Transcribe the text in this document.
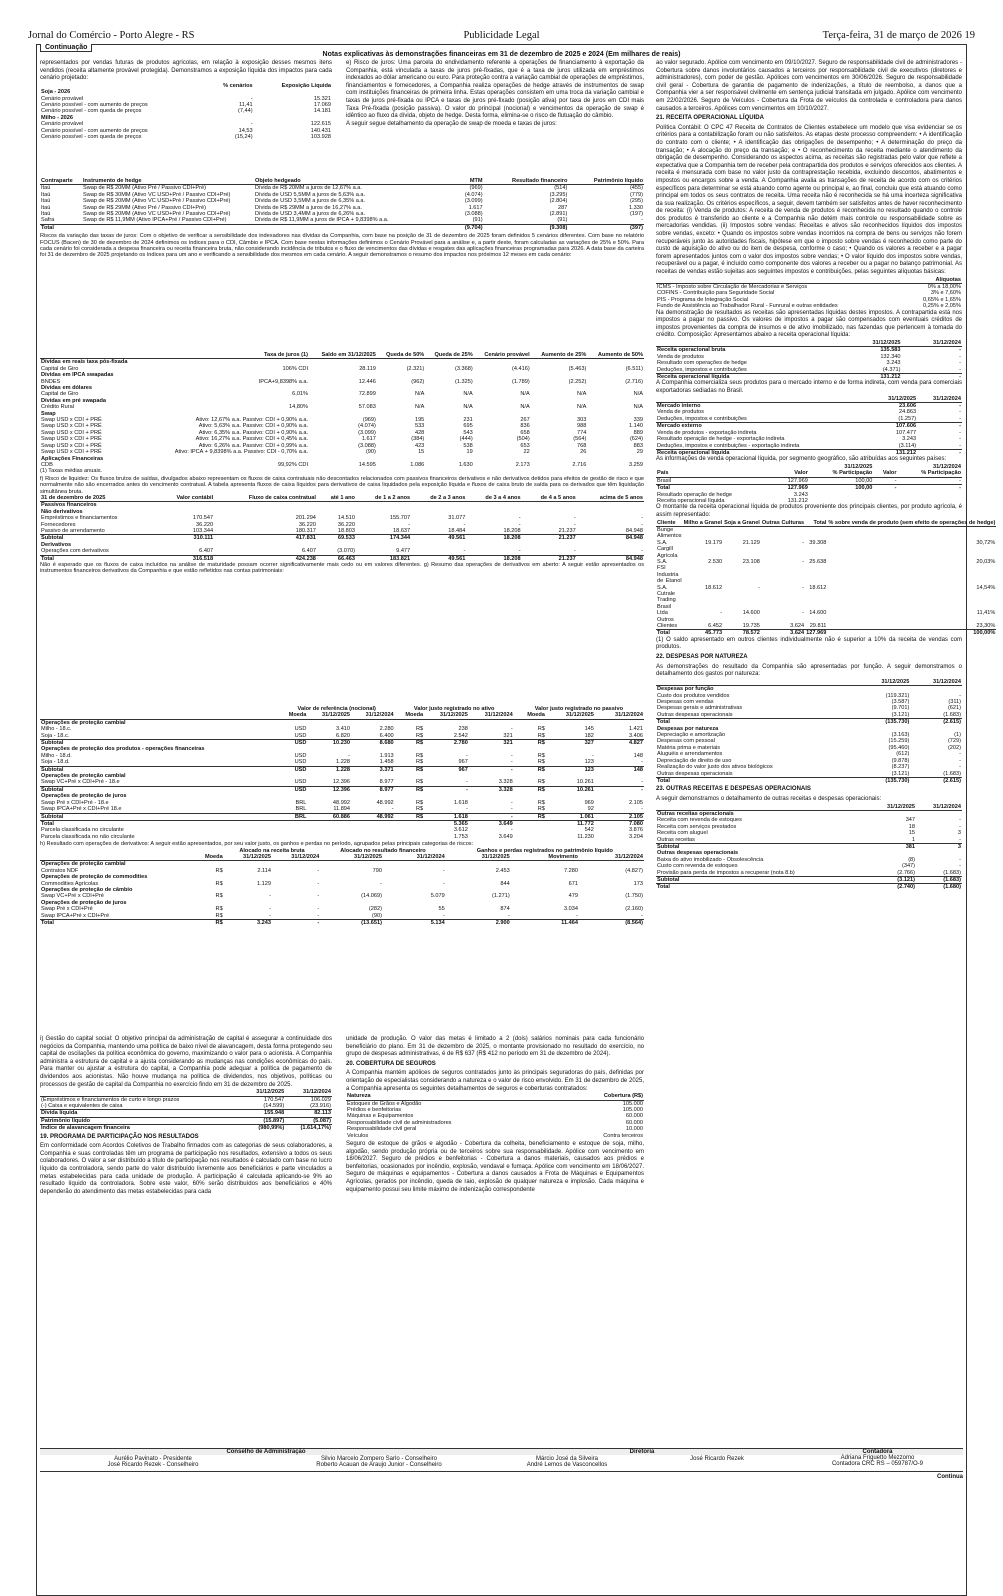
Jornal do Comércio - Porto Alegre - RS	Publicidade Legal	Terça-feira, 31 de março de 2026 19
Continuação
Notas explicativas às demonstrações financeiras em 31 de dezembro de 2025 e 2024 (Em milhares de reais)
representados por vendas futuras de produtos agrícolas, em relação à exposição desses mesmos itens vendidos (receita altamente provável protegida). Demonstramos a exposição líquida dos impactos para cada cenário projetado:
	% cenários	Exposição Líquida
Soja - 2026		
Cenário provável	-	15.321
Cenário possível - com aumento de preços	11,41	17.069
Cenário possível - com queda de preços	(7,44)	14.181
Milho - 2026		
Cenário provável	-	122.615
Cenário possível - com aumento de preços	14,53	140.431
Cenário possível - com queda de preços	(15,24)	103.928
e) Risco de juros: Uma parcela do endividamento referente a operações de financiamento à exportação da Companhia, está vinculada a taxas de juros pré-fixadas, que é a taxa de juros utilizada em empréstimos indexados ao dólar americano ou euro. Para proteção contra a variação cambial de operações de empréstimos, financiamentos e fornecedores, a Companhia realiza operações de hedge através de instrumentos de swap com instituições financeiras de primeira linha. Estas operações consistem em uma troca da variação cambial e taxas de juros pré-fixada ou IPCA e taxas de juros pré-fixado (posição ativa) por taxa de juros em CDI mais Taxa Pré-fixada (posição passiva). O valor do principal (nocional) e vencimentos da operação de swap é idêntico ao fluxo da dívida, objeto de hedge. Desta forma, elimina-se o risco de flutuação do câmbio.
A seguir segue detalhamento da operação de swap de moeda e taxas de juros:
Contraparte	Instrumento de hedge	Objeto hedgeado	MTM	Resultado financeiro	Patrimônio líquido
Itaú	Swap de R$ 20MM (Ativo Pré / Passivo CDI+Pré)	Dívida de R$ 20MM a juros de 12,67% a.a.	(969)	(514)	(455)
Itaú	Swap de R$ 30MM (Ativo VC USD+Pré / Passivo CDI+Pré)	Dívida de USD 5,5MM a juros de 5,63% a.a.	(4.074)	(3.295)	(779)
Itaú	Swap de R$ 20MM (Ativo VC USD+Pré / Passivo CDI+Pré)	Dívida de USD 3,5MM a juros de 6,35% a.a.	(3.099)	(2.804)	(295)
Itaú	Swap de R$ 29MM (Ativo Pré / Passivo CDI+Pré)	Dívida de R$ 29MM a juros de 16,27% a.a.	1.617	287	1.330
Itaú	Swap de R$ 20MM (Ativo VC USD+Pré / Passivo CDI+Pré)	Dívida de USD 3,4MM a juros de 6,26% a.a.	(3.088)	(2.891)	(197)
Safra	Swap de R$ 11,9MM (Ativo IPCA+Pré / Passivo CDI+Pré)	Dívida de R$ 11,9MM a juros de IPCA + 9,8398% a.a.	(91)	(91)	-
Total			(9.704)	(9.308)	(397)
Riscos da variação das taxas de juros: Com o objetivo de verificar a sensibilidade dos indexadores nas dívidas da Companhia, com base na posição de 31 de dezembro de 2025 foram definidos 5 cenários diferentes. Com base no relatório FOCUS (Bacen) de 30 de dezembro de 2024 definimos os índices para o CDI, Câmbio e IPCA. Com base nestas informações definimos o Cenário Provável para a análise e, a partir deste, foram calculadas as variações de 25% e 50%. Para cada cenário foi considerada a despesa financeira ou receita financeira bruta, não considerando incidência de tributos e o fluxo de vencimentos das dívidas e resgates das aplicações financeiras programadas para 2026. A data base da carteira foi 31 de dezembro de 2025 projetando os índices para um ano e verificando a sensibilidade dos mesmos em cada cenário. A seguir demonstramos o resumo dos impactos nos próximos 12 meses em cada cenário:
	Taxa de juros (1)	Saldo em 31/12/2025	Queda de 50%	Queda de 25%	Cenário provável	Aumento de 25%	Aumento de 50%
Dívidas em reais taxa pós-fixada							
Capital de Giro	106% CDI	28.119	(2.321)	(3.368)	(4.416)	(5.463)	(6.511)
Dívidas em IPCA swapadas							
BNDES	IPCA+9,8398% a.a.	12.446	(962)	(1.325)	(1.789)	(2.252)	(2.716)
Dívidas em dólares							
Capital de Giro	6,01%	72.899	N/A	N/A	N/A	N/A	N/A
Dívidas em pré swapada							
Crédito Rural	14,80%	57.083	N/A	N/A	N/A	N/A	N/A
Swap							
Swap USD x CDI + PRÉ	Ativo: 12,67% a.a. Passivo: CDI + 0,90% a.a.	(969)	195	231	267	303	339
Swap USD x CDI + PRÉ	Ativo: 5,63% a.a. Passivo: CDI + 0,90% a.a.	(4.074)	533	695	836	988	1.140
Swap USD x CDI + PRÉ	Ativo: 6,35% a.a. Passivo: CDI + 0,90% a.a.	(3.099)	428	543	658	774	889
Swap USD x CDI + PRÉ	Ativo: 16,27% a.a. Passivo: CDI + 0,45% a.a.	1.617	(384)	(444)	(504)	(564)	(624)
Swap USD x CDI + PRÉ	Ativo: 6,26% a.a. Passivo: CDI + 0,99% a.a.	(3.088)	423	538	653	768	883
Swap USD x CDI + PRÉ	Ativo: IPCA + 9,8398% a.a. Passivo: CDI - 0,70% a.a.	(90)	15	19	22	26	29
Aplicações Financeiras							
CDB	99,92% CDI	14.595	1.086	1.630	2.173	2.716	3.259
(1) Taxas médias anuais.
f) Risco de liquidez: Os fluxos brutos de saídas, divulgados abaixo representam os fluxos de caixa contratuais não descontados relacionados com passivos financeiros derivativos e não derivativos detidos para efeitos de gestão de risco e que normalmente não são encerrados antes do vencimento contratual. A tabela apresenta fluxos de caixa líquidos para derivativos de caixa liquidados pela exposição líquida e fluxos de caixa bruto de saída para os derivados que têm liquidação simultânea bruta.
31 de dezembro de 2025	Valor contábil	Fluxo de caixa contratual	até 1 ano	de 1 a 2 anos	de 2 a 3 anos	de 3 a 4 anos	de 4 a 5 anos	acima de 5 anos
Passivos financeiros								
Não derivativos								
Empréstimos e financiamentos	170.547	201.294	14.510	155.707	31.077	-	-	-
Fornecedores	36.220	36.220	36.220	-	-	-	-	-
Passivo de arrendamento	103.344	180.317	18.803	18.637	18.484	18.208	21.237	84.948
Subtotal	310.111	417.831	69.533	174.344	49.561	18.208	21.237	84.948
Derivativos								
Operações com derivativos	6.407	6.407	(3.070)	9.477	-	-	-	-
Total	316.518	424.238	66.463	183.821	49.561	18.208	21.237	84.948
Não é esperado que os fluxos de caixa incluídos na análise de maturidade possam ocorrer significativamente mais cedo ou em valores diferentes. g) Resumo das operações de derivativos em aberto: A seguir estão apresentados os instrumentos financeiros derivativos da Companhia e que estão refletidos nas contas patrimoniais:
	Valor de referência (nocional)			Valor justo registrado no ativo			Valor justo registrado no passivo		
	Moeda	31/12/2025	31/12/2024	Moeda	31/12/2025	31/12/2024	Moeda	31/12/2025	31/12/2024
Operações de proteção cambial									
Milho - 18.c.	USD	3.410	2.280	R$	238	-	R$	145	1.421
Soja - 18.c.	USD	6.820	6.400	R$	2.542	321	R$	182	3.406
Subtotal	USD	10.230	8.680	R$	2.780	321	R$	327	4.827
Operações de proteção dos produtos - operações financeiras									
Milho - 18.d.	USD	-	1.913	R$	-	-	R$	-	148
Soja - 18.d.	USD	1.228	1.458	R$	967	-	R$	123	-
Subtotal	USD	1.228	3.371	R$	967	-	R$	123	148
Operações de proteção cambial									
Swap VC+Pré x CDI+Pré - 18.e	USD	12.396	8.977	R$	-	3.328	R$	10.261	-
Subtotal	USD	12.396	8.977	R$	-	3.328	R$	10.261	-
Operações de proteção de juros									
Swap Pré x CDI+Pré - 18.e	BRL	48.992	48.992	R$	1.618	-	R$	969	2.105
Swap IPCA+Pré x CDI+Pré 18.e	BRL	11.894	-	R$	-	-	R$	92	-
Subtotal	BRL	60.886	48.992	R$	1.618	-	R$	1.061	2.105
Total					5.365	3.649		11.772	7.080
Parcela classificada no circulante					3.612	-		542	3.876
Parcela classificada no não circulante					1.753	3.649		11.230	3.204
h) Resultado com operações de derivativos: A seguir estão apresentados, por seu valor justo, os ganhos e perdas no período, agrupados pelas principais categorias de riscos:
		Alocado na receita bruta		Alocado no resultado financeiro		Ganhos e perdas registrados no patrimônio líquido		
	Moeda	31/12/2025	31/12/2024	31/12/2025	31/12/2024	31/12/2025	Movimento	31/12/2024
Operações de proteção cambial								
Contratos NDF	R$	2.114	-	790	-	2.453	7.280	(4.827)
Operações de proteção de commodities								
Commodities Agrícolas	R$	1.129	-	-	-	844	671	173
Operações de proteção de câmbio								
Swap VC+Pré x CDI+Pré	R$	-	-	(14.069)	5.079	(1.271)	479	(1.750)
Operações de proteção de juros								
Swap Pré x CDI+Pré	R$	-	-	(282)	55	874	3.034	(2.160)
Swap IPCA+Pré x CDI+Pré	R$	-	-	(90)	-	-	-	-
Total	R$	3.243	-	(13.651)	5.134	2.900	11.464	(8.564)
i) Gestão do capital social: O objetivo principal da administração de capital é assegurar a continuidade dos negócios da Companhia, mantendo uma política de baixo nível de alavancagem, desta forma protegendo seu capital de oscilações da política econômica do governo, maximizando o valor para o acionista. A Companhia administra a estrutura de capital e a ajusta considerando as mudanças nas condições econômicas do país. Para manter ou ajustar a estrutura do capital, a Companhia pode adequar a política de pagamento de dividendos aos acionistas. Não houve mudança na política de dividendos, nos objetivos, políticas ou processos de gestão de capital da Companhia no exercício findo em 31 de dezembro de 2025.
	31/12/2025	31/12/2024
(Empréstimos e financiamentos de curto e longo prazos	170.547	106.029
(-) Caixa e equivalentes de caixa	(14.599)	(23.916)
Dívida líquida	155.948	82.113
Patrimônio líquido	(15.897)	(5.087)
Índice de alavancagem financeira	(980,99%)	(1.614,17%)
19. PROGRAMA DE PARTICIPAÇÃO NOS RESULTADOS
Em conformidade com Acordos Coletivos de Trabalho firmados com as categorias de seus colaboradores, a Companhia e suas controladas têm um programa de participação nos resultados, extensivo a todos os seus colaboradores. O valor a ser distribuído a título de participação nos resultados é calculado com base no lucro líquido da controladora, sendo parte do valor distribuído livremente aos beneficiários e parte vinculados a metas estabelecidas para cada unidade de produção. A participação é calculada aplicando-se 9% ao resultado líquido da controladora. Sobre este valor, 60% serão distribuídos aos beneficiários e 40% dependerão do atendimento das metas estabelecidas para cada
unidade de produção. O valor das metas é limitado a 2 (dois) salários nominais para cada funcionário beneficiário do plano. Em 31 de dezembro de 2025, o montante provisionado no resultado do exercício, no grupo de despesas administrativas, é de R$ 637 (R$ 412 no período em 31 de dezembro de 2024).
20. COBERTURA DE SEGUROS
A Companhia mantém apólices de seguros contratados junto às principais seguradoras do país, definidas por orientação de especialistas considerando a natureza e o valor de risco envolvido. Em 31 de dezembro de 2025, a Companhia apresenta os seguintes detalhamentos de seguros e coberturas contratados:
Natureza	Cobertura (R$)
Estoques de Grãos e Algodão	105.000
Prédios e benfeitorias	105.000
Máquinas e Equipamentos	60.000
Responsabilidade civil de administradores	60.000
Responsabilidade civil geral	10.000
Veículos	Contra terceiros
Seguro de estoque de grãos e algodão - Cobertura da colheita, beneficiamento e estoque de soja, milho, algodão, sendo produção própria ou de terceiros sobre sua responsabilidade. Apólice com vencimento em 18/06/2027. Seguro de prédios e benfeitorias - Cobertura a danos materiais, causados aos prédios e benfeitorias, ocasionados por incêndio, explosão, vendaval e fumaça. Apólice com vencimento em 18/06/2027. Seguro de máquinas e equipamentos - Cobertura a danos causados a Frota de Máquinas e Equipamentos Agrícolas, gerados por incêndio, queda de raio, explosão de qualquer natureza e implosão. Cada máquina e equipamento possui seu limite máximo de indenização correspondente
ao valor segurado. Apólice com vencimento em 09/10/2027. Seguro de responsabilidade civil de administradores - Cobertura sobre danos involuntários causados a terceiros por responsabilidade civil de executivos (diretores e administradores), com poder de gestão. Apólices com vencimentos em 30/06/2026. Seguro de responsabilidade civil geral - Cobertura de garantia de pagamento de indenizações, a título de reembolso, a danos que a Companhia vier a ser responsável civilmente em sentença judicial transitada em julgado. Apólice com vencimento em 22/02/2026. Seguro de Veículos - Cobertura da Frota de veículos da controlada e controladora para danos causados a terceiros. Apólices com vencimentos em 10/10/2027.
21. RECEITA OPERACIONAL LÍQUIDA
Política Contábil: O CPC 47 Receita de Contratos de Clientes estabelece um modelo que visa evidenciar se os critérios para a contabilização foram ou não satisfeitos. As etapas deste processo compreendem: • A identificação do contrato com o cliente; • A identificação das obrigações de desempenho; • A determinação do preço da transação; • A alocação do preço da transação; e • O reconhecimento da receita mediante o atendimento da obrigação de desempenho. Considerando os aspectos acima, as receitas são registradas pelo valor que reflete a expectativa que a Companhia tem de receber pela contrapartida dos produtos e serviços oferecidos aos clientes. A receita é mensurada com base no valor justo da contraprestação recebida, excluindo descontos, abatimentos e impostos ou encargos sobre a venda. A Companhia avalia as transações de receita de acordo com os critérios específicos para determinar se está atuando como agente ou principal e, ao final, concluiu que está atuando como principal em todos os seus contratos de receita. Uma receita não é reconhecida se há uma incerteza significativa da sua realização. Os critérios específicos, a seguir, devem também ser satisfeitos antes de haver reconhecimento de receita: (i) Venda de produtos: A receita de venda de produtos é reconhecida no resultado quando o controle dos produtos é transferido ao cliente e a Companhia não detém mais controle ou responsabilidade sobre as mercadorias vendidas. (ii) Impostos sobre vendas: Receitas e ativos são reconhecidos líquidos dos impostos sobre vendas, exceto: • Quando os impostos sobre vendas incorridos na compra de bens ou serviços não forem recuperáveis junto às autoridades fiscais, hipótese em que o imposto sobre vendas é reconhecido como parte do custo de aquisição do ativo ou do item de despesa, conforme o caso; • Quando os valores a receber e a pagar forem apresentados juntos com o valor dos impostos sobre vendas; • O valor líquido dos impostos sobre vendas, recuperável ou a pagar, é incluído como componente dos valores a receber ou a pagar no balanço patrimonial. As receitas de vendas estão sujeitas aos seguintes impostos e contribuições, pelas seguintes alíquotas básicas:
	Alíquotas
ICMS - Imposto sobre Circulação de Mercadorias e Serviços	0% a 18,00%
COFINS - Contribuição para Seguridade Social	3% e 7,60%
PIS - Programa de Integração Social	0,65% e 1,65%
Fundo de Assistência ao Trabalhador Rural - Funrural e outras entidades	0,25% e 2,05%
Na demonstração de resultados as receitas são apresentadas líquidas destes impostos. A contrapartida está nos impostos a pagar no passivo. Os valores de impostos a pagar são compensados com eventuais créditos de impostos provenientes da compra de insumos e de ativo imobilizado, nas fazendas que pertencem à tomada do crédito. Composição: Apresentamos abaixo a receita operacional líquida:
	31/12/2025	31/12/2024
Receita operacional bruta	135.583	-
Venda de produtos	132.340	-
Resultado com operações de hedge	3.243	-
Deduções, impostos e contribuições	(4.371)	-
Receita operacional líquida	131.212	-
A Companhia comercializa seus produtos para o mercado interno e de forma indireta, com venda para comerciais exportadoras sediadas no Brasil.
	31/12/2025	31/12/2024
Mercado interno	23.606	-
Venda de produtos	24.863	-
Deduções, impostos e contribuições	(1.257)	-
Mercado externo	107.606	-
Venda de produtos - exportação indireta	107.477	-
Resultado operação de hedge - exportação indireta	3.243	-
Deduções, impostos e contribuições - exportação indireta	(3.114)	-
Receita operacional líquida	131.212	-
As informações de venda operacional líquida, por segmento geográfico, são atribuídas aos seguintes países:
	31/12/2025		31/12/2024	
País	Valor	% Participação	Valor	% Participação
Brasil	127.969	100,00	-	-
Total	127.969	100,00	-	-
Resultado operação de hedge	3.243			
Receita operacional líquida	131.212			
O montante da receita operacional líquida de produtos proveniente dos principais clientes, por produto agrícola, é assim representado:
Cliente	Milho a Granel	Soja a Granel	Outras Culturas	Total	% sobre venda de produto (sem efeito de operações de hedge)
Bunge Alimentos S.A.	19.179	21.129	-	39.308	30,72%
Cargill Agrícola S.A.	2.530	23.108	-	25.638	20,03%
FSI Industria de Etanol S.A.	18.612	-	-	18.612	14,54%
Cutrale Trading Brasil Ltda	-	14.600	-	14.600	11,41%
Outros Clientes	6.452	19.735	3.624	29.811	23,30%
Total	45.773	78.572	3.624	127.969	100,00%
(1) O saldo apresentado em outros clientes individualmente não é superior a 10% da receita de vendas com produtos.
22. DESPESAS POR NATUREZA
As demonstrações do resultado da Companhia são apresentadas por função. A seguir demonstramos o detalhamento dos gastos por natureza:
	31/12/2025	31/12/2024
Despesas por função		
Custo dos produtos vendidos	(119.321)	-
Despesas com vendas	(3.587)	(311)
Despesas gerais e administrativas	(9.701)	(621)
Outras despesas operacionais	(3.121)	(1.683)
Total	(135.730)	(2.615)
Despesas por natureza		
Depreciação e amortização	(3.163)	(1)
Despesas com pessoal	(15.259)	(729)
Matéria prima e materiais	(95.460)	(202)
Aluguéis e arrendamentos	(612)	-
Depreciação de direito de uso	(9.878)	-
Realização do valor justo dos ativos biológicos	(8.237)	-
Outras despesas operacionais	(3.121)	(1.683)
Total	(135.730)	(2.615)
23. OUTRAS RECEITAS E DESPESAS OPERACIONAIS
A seguir demonstramos o detalhamento de outras receitas e despesas operacionais:
	31/12/2025	31/12/2024
Outras receitas operacionais		
Receita com revenda de estoques	347	-
Receita com serviços prestados	18	-
Receita com aluguel	15	3
Outras receitas	1	-
Subtotal	381	3
Outras despesas operacionais		
Baixa do ativo imobilizado - Obsolescência	(8)	-
Custo com revenda de estoques	(347)	-
Provisão para perda de impostos a recuperar (nota 8.b)	(2.766)	(1.683)
Subtotal	(3.121)	(1.683)
Total	(2.740)	(1.680)
Conselho de Administração
Aurélio Pavinato - Presidente
José Ricardo Rezek - Conselheiro
Silvio Marcelo Zompero Sarlo - Conselheiro
Roberto Acauan de Araujo Junior - Conselheiro
Diretoria
Márcio José da Silveira
André Lemos de Vasconcellos
José Ricardo Rezek
Contadora
Adriana Friguetto Mezzomo
Contadora CRC RS – 059787/O-9
Continua
